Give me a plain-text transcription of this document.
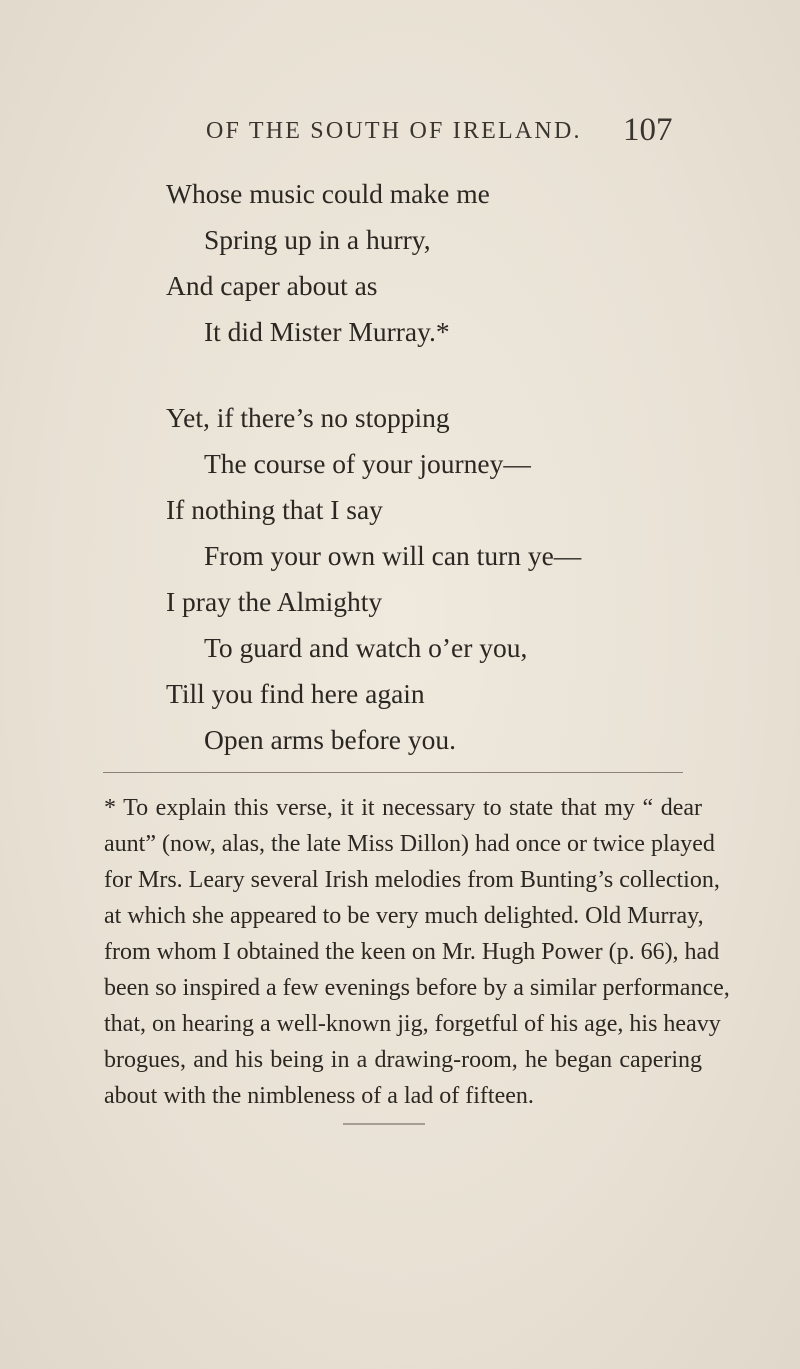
OF THE SOUTH OF IRELAND. 107
Whose music could make me
Spring up in a hurry,
And caper about as
It did Mister Murray.*
Yet, if there’s no stopping
The course of your journey—
If nothing that I say
From your own will can turn ye—
I pray the Almighty
To guard and watch o’er you,
Till you find here again
Open arms before you.
* To explain this verse, it it necessary to state that my “ dear
aunt” (now, alas, the late Miss Dillon) had once or twice played
for Mrs. Leary several Irish melodies from Bunting’s collection,
at which she appeared to be very much delighted. Old Murray,
from whom I obtained the keen on Mr. Hugh Power (p. 66), had
been so inspired a few evenings before by a similar performance,
that, on hearing a well-known jig, forgetful of his age, his heavy
brogues, and his being in a drawing-room, he began capering
about with the nimbleness of a lad of fifteen.
